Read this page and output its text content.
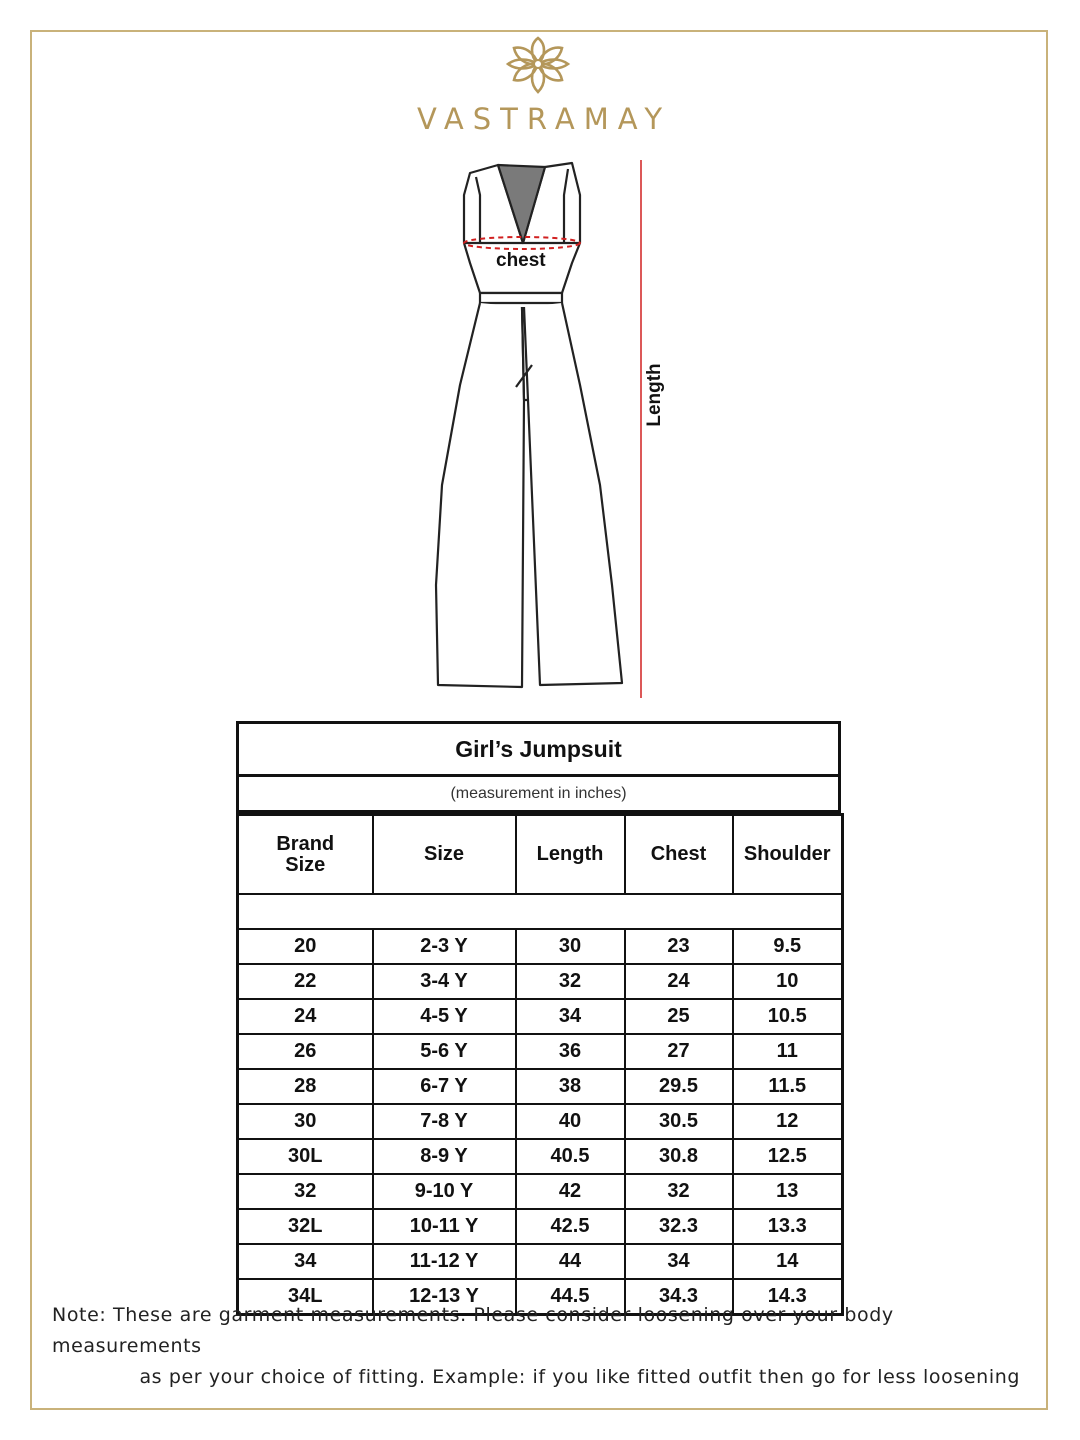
VASTRAMAY
chest
Length
Girl’s Jumpsuit
(measurement in inches)
Brand Size	Size	Length	Chest	Shoulder

20	2-3 Y	30	23	9.5
22	3-4 Y	32	24	10
24	4-5 Y	34	25	10.5
26	5-6 Y	36	27	11
28	6-7 Y	38	29.5	11.5
30	7-8 Y	40	30.5	12
30L	8-9 Y	40.5	30.8	12.5
32	9-10 Y	42	32	13
32L	10-11 Y	42.5	32.3	13.3
34	11-12 Y	44	34	14
34L	12-13 Y	44.5	34.3	14.3
Note: These are garment measurements. Please consider loosening over your body measurements
as per your choice of fitting. Example: if you like fitted outfit then go for less loosening
